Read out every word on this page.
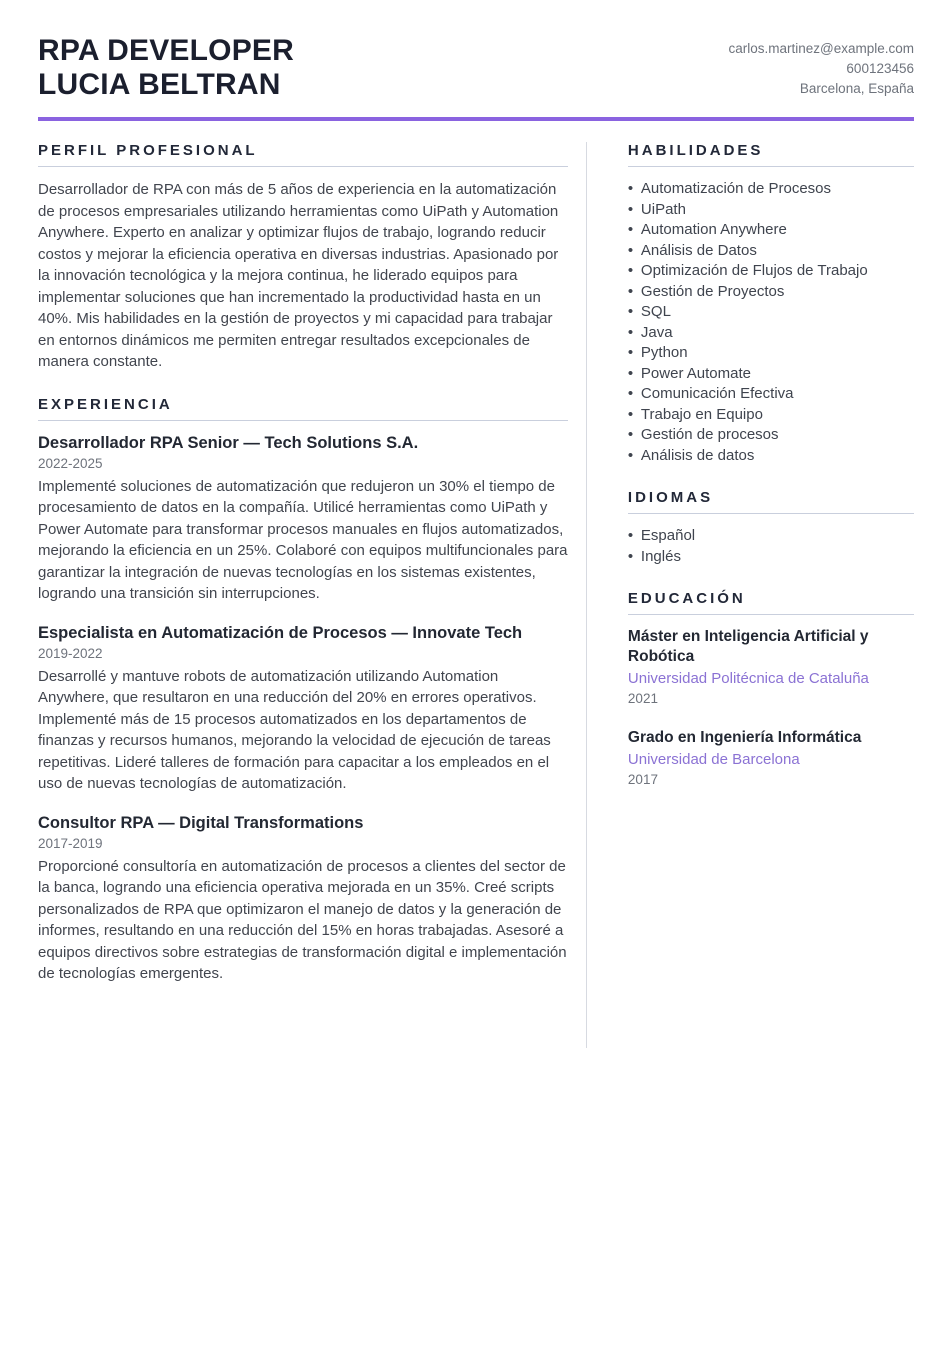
RPA DEVELOPER
LUCIA BELTRAN
carlos.martinez@example.com
600123456
Barcelona, España
PERFIL PROFESIONAL

Desarrollador de RPA con más de 5 años de experiencia en la automatización de procesos empresariales utilizando herramientas como UiPath y Automation Anywhere. Experto en analizar y optimizar flujos de trabajo, logrando reducir costos y mejorar la eficiencia operativa en diversas industrias. Apasionado por la innovación tecnológica y la mejora continua, he liderado equipos para implementar soluciones que han incrementado la productividad hasta en un 40%. Mis habilidades en la gestión de proyectos y mi capacidad para trabajar en entornos dinámicos me permiten entregar resultados excepcionales de manera constante.

EXPERIENCIA
Desarrollador RPA Senior — Tech Solutions S.A.
2022-2025

Implementé soluciones de automatización que redujeron un 30% el tiempo de procesamiento de datos en la compañía. Utilicé herramientas como UiPath y Power Automate para transformar procesos manuales en flujos automatizados, mejorando la eficiencia en un 25%. Colaboré con equipos multifuncionales para garantizar la integración de nuevas tecnologías en los sistemas existentes, logrando una transición sin interrupciones.

Especialista en Automatización de Procesos — Innovate Tech
2019-2022

Desarrollé y mantuve robots de automatización utilizando Automation Anywhere, que resultaron en una reducción del 20% en errores operativos. Implementé más de 15 procesos automatizados en los departamentos de finanzas y recursos humanos, mejorando la velocidad de ejecución de tareas repetitivas. Lideré talleres de formación para capacitar a los empleados en el uso de nuevas tecnologías de automatización.

Consultor RPA — Digital Transformations
2017-2019

Proporcioné consultoría en automatización de procesos a clientes del sector de la banca, logrando una eficiencia operativa mejorada en un 35%. Creé scripts personalizados de RPA que optimizaron el manejo de datos y la generación de informes, resultando en una reducción del 15% en horas trabajadas. Asesoré a equipos directivos sobre estrategias de transformación digital e implementación de tecnologías emergentes.

HABILIDADES
• Automatización de Procesos
• UiPath
• Automation Anywhere
• Análisis de Datos
• Optimización de Flujos de Trabajo
• Gestión de Proyectos
• SQL
• Java
• Python
• Power Automate
• Comunicación Efectiva
• Trabajo en Equipo
• Gestión de procesos
• Análisis de datos
IDIOMAS
• Español
• Inglés
EDUCACIÓN
Máster en Inteligencia Artificial y Robótica
Universidad Politécnica de Cataluña
2021
Grado en Ingeniería Informática
Universidad de Barcelona
2017
